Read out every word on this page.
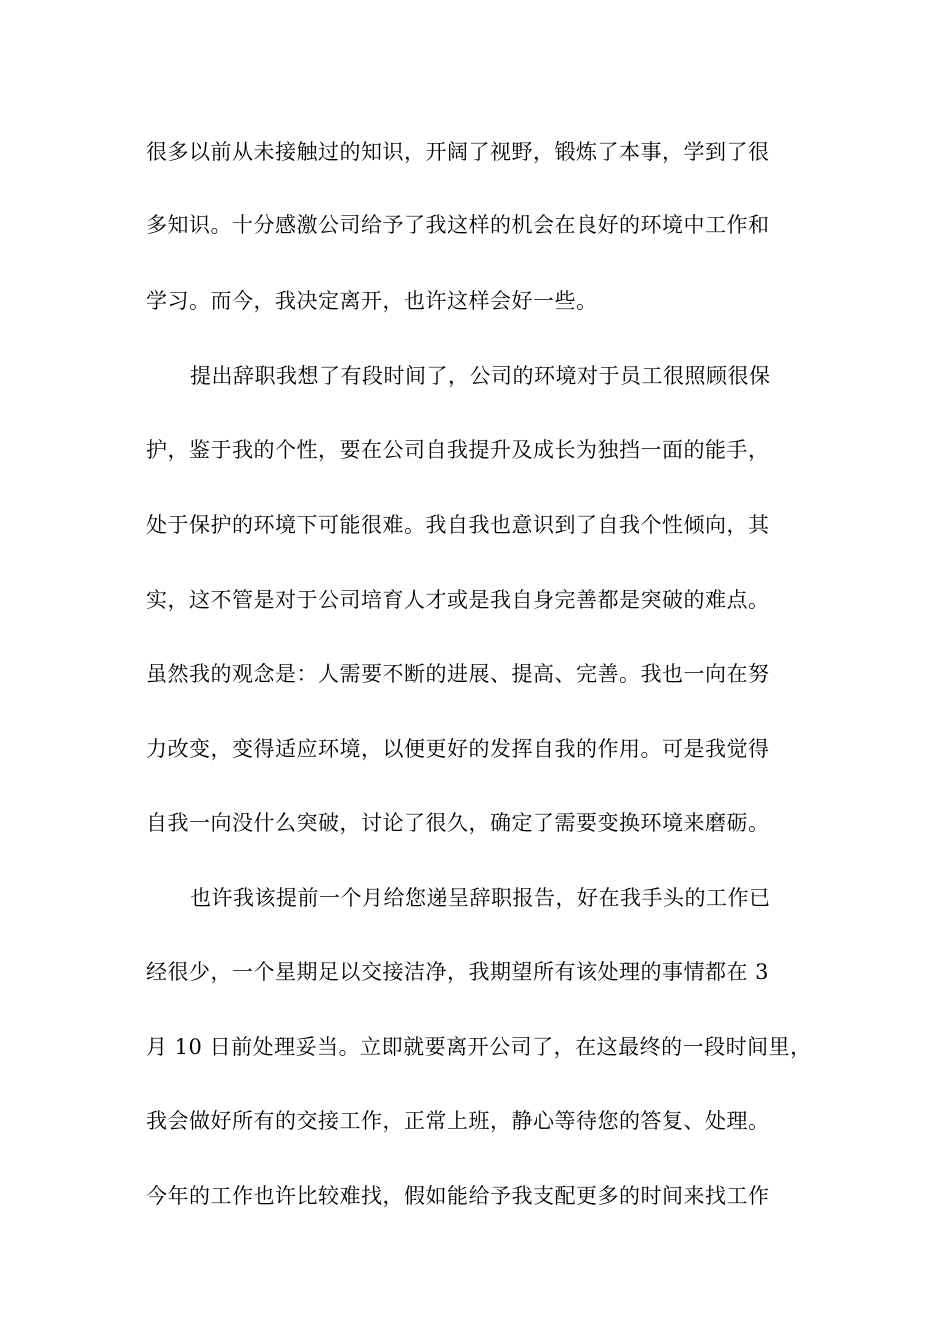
很多以前从未接触过的知识，开阔了视野，锻炼了本事，学到了很
多知识。十分感激公司给予了我这样的机会在良好的环境中工作和
学习。而今，我决定离开，也许这样会好一些。
提出辞职我想了有段时间了，公司的环境对于员工很照顾很保
护，鉴于我的个性，要在公司自我提升及成长为独挡一面的能手，
处于保护的环境下可能很难。我自我也意识到了自我个性倾向，其
实，这不管是对于公司培育人才或是我自身完善都是突破的难点。
虽然我的观念是：人需要不断的进展、提高、完善。我也一向在努
力改变，变得适应环境，以便更好的发挥自我的作用。可是我觉得
自我一向没什么突破，讨论了很久，确定了需要变换环境来磨砺。
也许我该提前一个月给您递呈辞职报告，好在我手头的工作已
经很少，一个星期足以交接洁净，我期望所有该处理的事情都在 3
月 10 日前处理妥当。立即就要离开公司了，在这最终的一段时间里，
我会做好所有的交接工作，正常上班，静心等待您的答复、处理。
今年的工作也许比较难找，假如能给予我支配更多的时间来找工作
